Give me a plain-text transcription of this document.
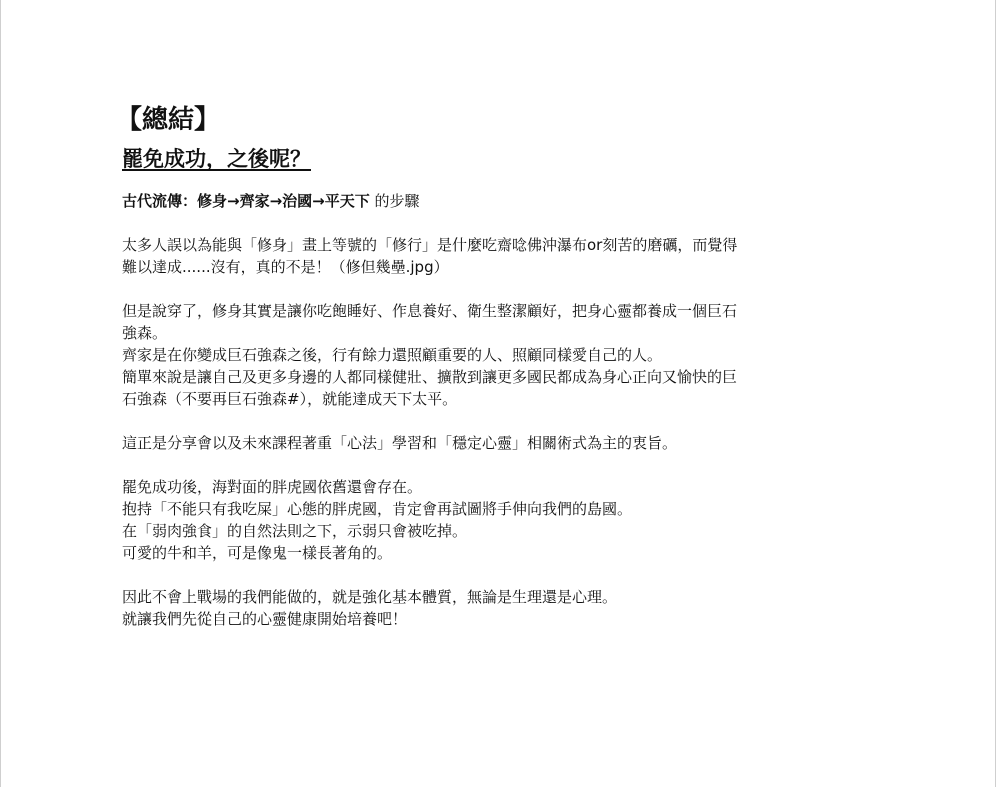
【總結】
罷免成功，之後呢？
古代流傳：修身→齊家→治國→平天下 的步驟
太多人誤以為能與「修身」畫上等號的「修行」是什麼吃齋唸佛沖瀑布or刻苦的磨礪，而覺得
難以達成......沒有，真的不是！（修但幾壘.jpg）
但是說穿了，修身其實是讓你吃飽睡好、作息養好、衛生整潔顧好，把身心靈都養成一個巨石
強森。
齊家是在你變成巨石強森之後，行有餘力還照顧重要的人、照顧同樣愛自己的人。
簡單來說是讓自己及更多身邊的人都同樣健壯、擴散到讓更多國民都成為身心正向又愉快的巨
石強森（不要再巨石強森#），就能達成天下太平。
這正是分享會以及未來課程著重「心法」學習和「穩定心靈」相關術式為主的衷旨。
罷免成功後，海對面的胖虎國依舊還會存在。
抱持「不能只有我吃屎」心態的胖虎國，肯定會再試圖將手伸向我們的島國。
在「弱肉強食」的自然法則之下，示弱只會被吃掉。
可愛的牛和羊，可是像鬼一樣長著角的。
因此不會上戰場的我們能做的，就是強化基本體質，無論是生理還是心理。
就讓我們先從自己的心靈健康開始培養吧！
